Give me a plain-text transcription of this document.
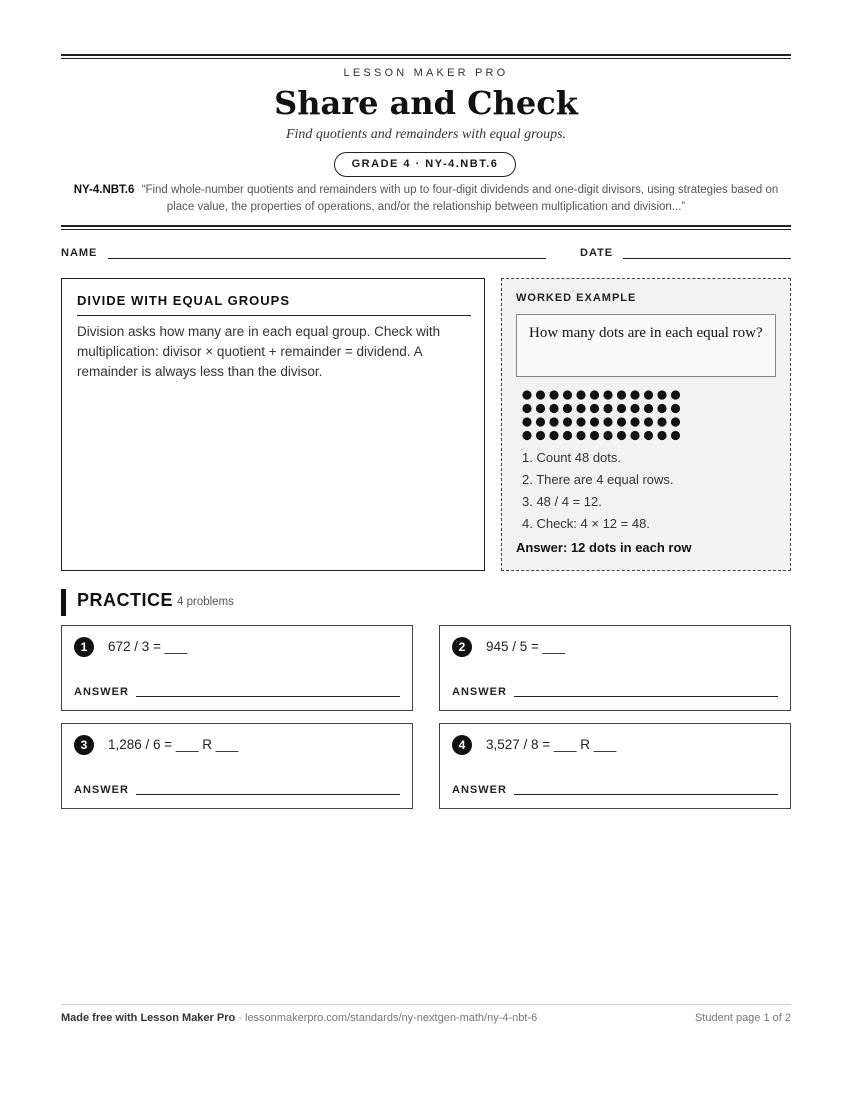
LESSON MAKER PRO
Share and Check
Find quotients and remainders with equal groups.
GRADE 4 · NY-4.NBT.6
NY-4.NBT.6 “Find whole-number quotients and remainders with up to four-digit dividends and one-digit divisors, using strategies based on place value, the properties of operations, and/or the relationship between multiplication and division...”
NAME	DATE
DIVIDE WITH EQUAL GROUPS
Division asks how many are in each equal group. Check with multiplication: divisor × quotient + remainder = dividend. A remainder is always less than the divisor.
WORKED EXAMPLE
How many dots are in each equal row?
1. Count 48 dots.
2. There are 4 equal rows.
3. 48 / 4 = 12.
4. Check: 4 × 12 = 48.
Answer: 12 dots in each row
PRACTICE 4 problems
1	672 / 3 = ___
ANSWER
2	945 / 5 = ___
ANSWER
3	1,286 / 6 = ___ R ___
ANSWER
4	3,527 / 8 = ___ R ___
ANSWER
Made free with Lesson Maker Pro · lessonmakerpro.com/standards/ny-nextgen-math/ny-4-nbt-6	Student page 1 of 2
